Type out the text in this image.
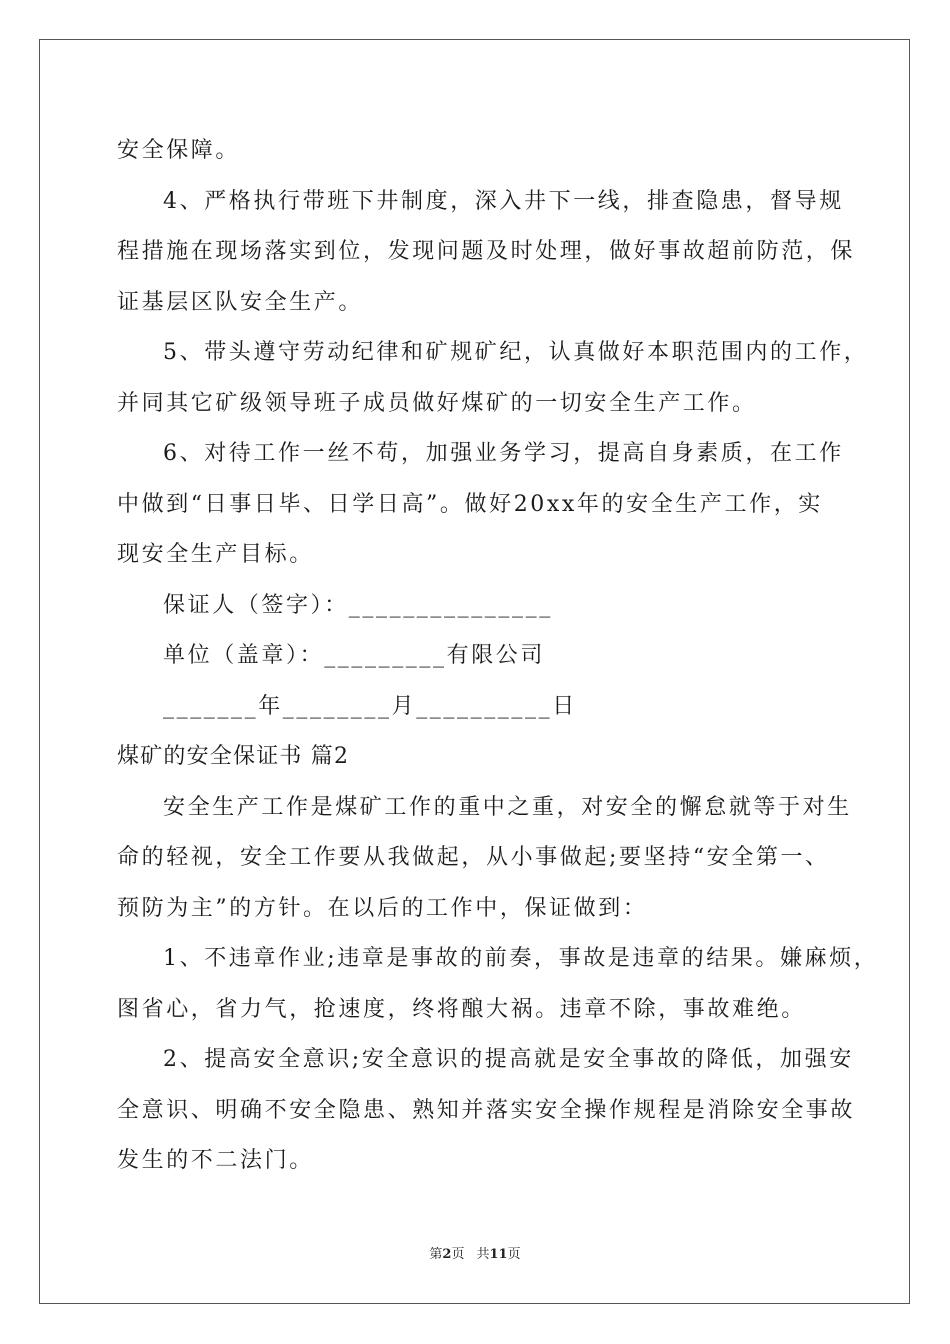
安全保障。
4、严格执行带班下井制度，深入井下一线，排查隐患，督导规
程措施在现场落实到位，发现问题及时处理，做好事故超前防范，保
证基层区队安全生产。
5、带头遵守劳动纪律和矿规矿纪，认真做好本职范围内的工作，
并同其它矿级领导班子成员做好煤矿的一切安全生产工作。
6、对待工作一丝不苟，加强业务学习，提高自身素质，在工作
中做到“日事日毕、日学日高”。做好20xx年的安全生产工作，实
现安全生产目标。
保证人（签字）：_______________
单位（盖章）：_________有限公司
_______年________月__________日
煤矿的安全保证书 篇2
安全生产工作是煤矿工作的重中之重，对安全的懈怠就等于对生
命的轻视，安全工作要从我做起，从小事做起;要坚持“安全第一、
预防为主”的方针。在以后的工作中，保证做到：
1、不违章作业;违章是事故的前奏，事故是违章的结果。嫌麻烦，
图省心，省力气，抢速度，终将酿大祸。违章不除，事故难绝。
2、提高安全意识;安全意识的提高就是安全事故的降低，加强安
全意识、明确不安全隐患、熟知并落实安全操作规程是消除安全事故
发生的不二法门。
第2页 共11页
